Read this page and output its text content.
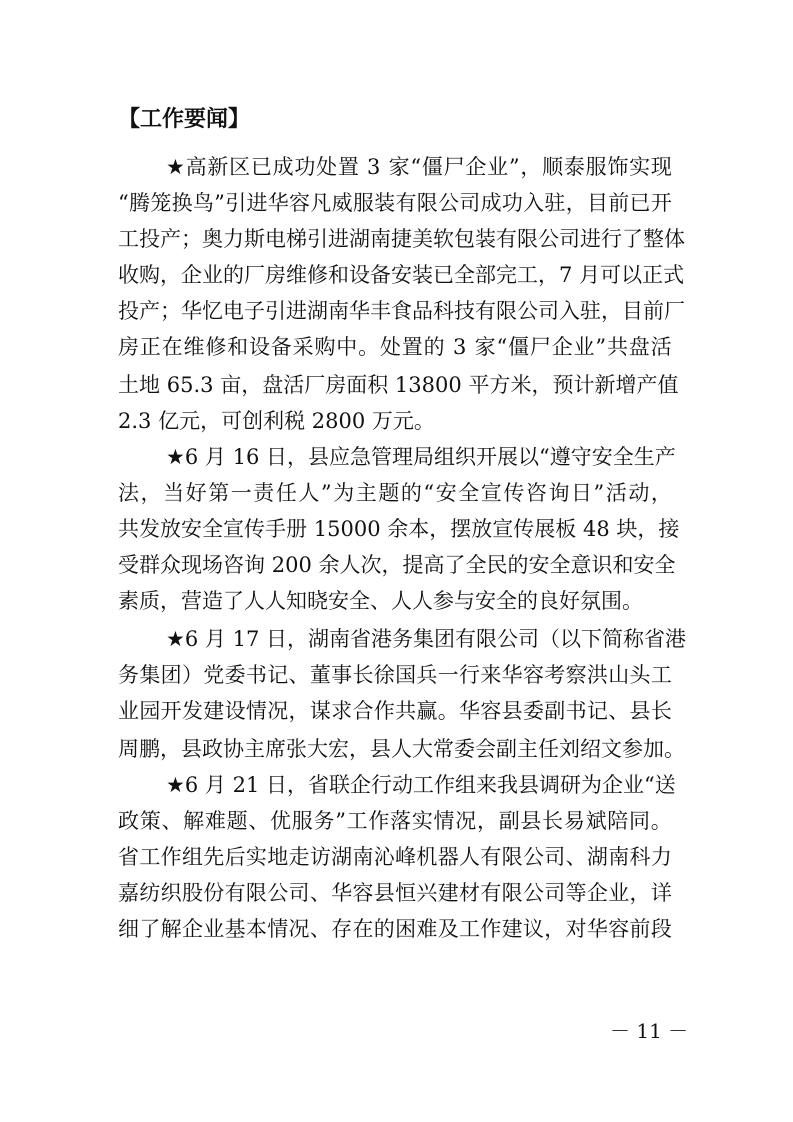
【工作要闻】
★ 高 新 区 已 成 功 处 置
3
家 “ 僵 尸 企 业 ” ， 顺 泰 服 饰 实 现
“ 腾 笼 换 鸟 ” 引 进 华 容 凡 威 服 装 有 限 公 司 成 功 入 驻 ， 目 前 已 开
工 投 产 ； 奥 力 斯 电 梯 引 进 湖 南 捷 美 软 包 装 有 限 公 司 进 行 了 整 体
收 购 ， 企 业 的 厂 房 维 修 和 设 备 安 装 已 全 部 完 工 ， 7
月 可 以 正 式
投 产 ； 华 忆 电 子 引 进 湖 南 华 丰 食 品 科 技 有 限 公 司 入 驻 ， 目 前 厂
房 正 在 维 修 和 设 备 采 购 中 。 处 置 的
3
家 “ 僵 尸 企 业 ” 共 盘 活
土 地
6 5 . 3
亩 ， 盘 活 厂 房 面 积
1 3 8 0 0
平 方 米 ， 预 计 新 增 产 值
2.3 亿元，可创利税 2800 万元。
★ 6
月
1 6
日 ， 县 应 急 管 理 局 组 织 开 展 以 “ 遵 守 安 全 生 产
法 ， 当 好 第 一 责 任 人 ” 为 主 题 的 “ 安 全 宣 传 咨 询 日 ” 活 动 ，
共 发 放 安 全 宣 传 手 册
1 5 0 0 0
余 本 ， 摆 放 宣 传 展 板
4 8
块 ， 接
受 群 众 现 场 咨 询
2 0 0
余 人 次 ， 提 高 了 全 民 的 安 全 意 识 和 安 全
素质，营造了人人知晓安全、人人参与安全的良好氛围。
★ 6
月
1 7
日 ， 湖 南 省 港 务 集 团 有 限 公 司 （ 以 下 简 称 省 港
务 集 团 ） 党 委 书 记 、 董 事 长 徐 国 兵 一 行 来 华 容 考 察 洪 山 头 工
业 园 开 发 建 设 情 况 ， 谋 求 合 作 共 赢 。 华 容 县 委 副 书 记 、 县 长
周 鹏 ， 县 政 协 主 席 张 大 宏 ， 县 人 大 常 委 会 副 主 任 刘 绍 文 参 加 。
★ 6
月
2 1
日 ， 省 联 企 行 动 工 作 组 来 我 县 调 研 为 企 业 “ 送
政 策 、 解 难 题 、 优 服 务 ” 工 作 落 实 情 况 ， 副 县 长 易 斌 陪 同 。
省 工 作 组 先 后 实 地 走 访 湖 南 沁 峰 机 器 人 有 限 公 司 、 湖 南 科 力
嘉 纺 织 股 份 有 限 公 司 、 华 容 县 恒 兴 建 材 有 限 公 司 等 企 业 ， 详
细 了 解 企 业 基 本 情 况 、 存 在 的 困 难 及 工 作 建 议 ， 对 华 容 前 段
－ 11 －
